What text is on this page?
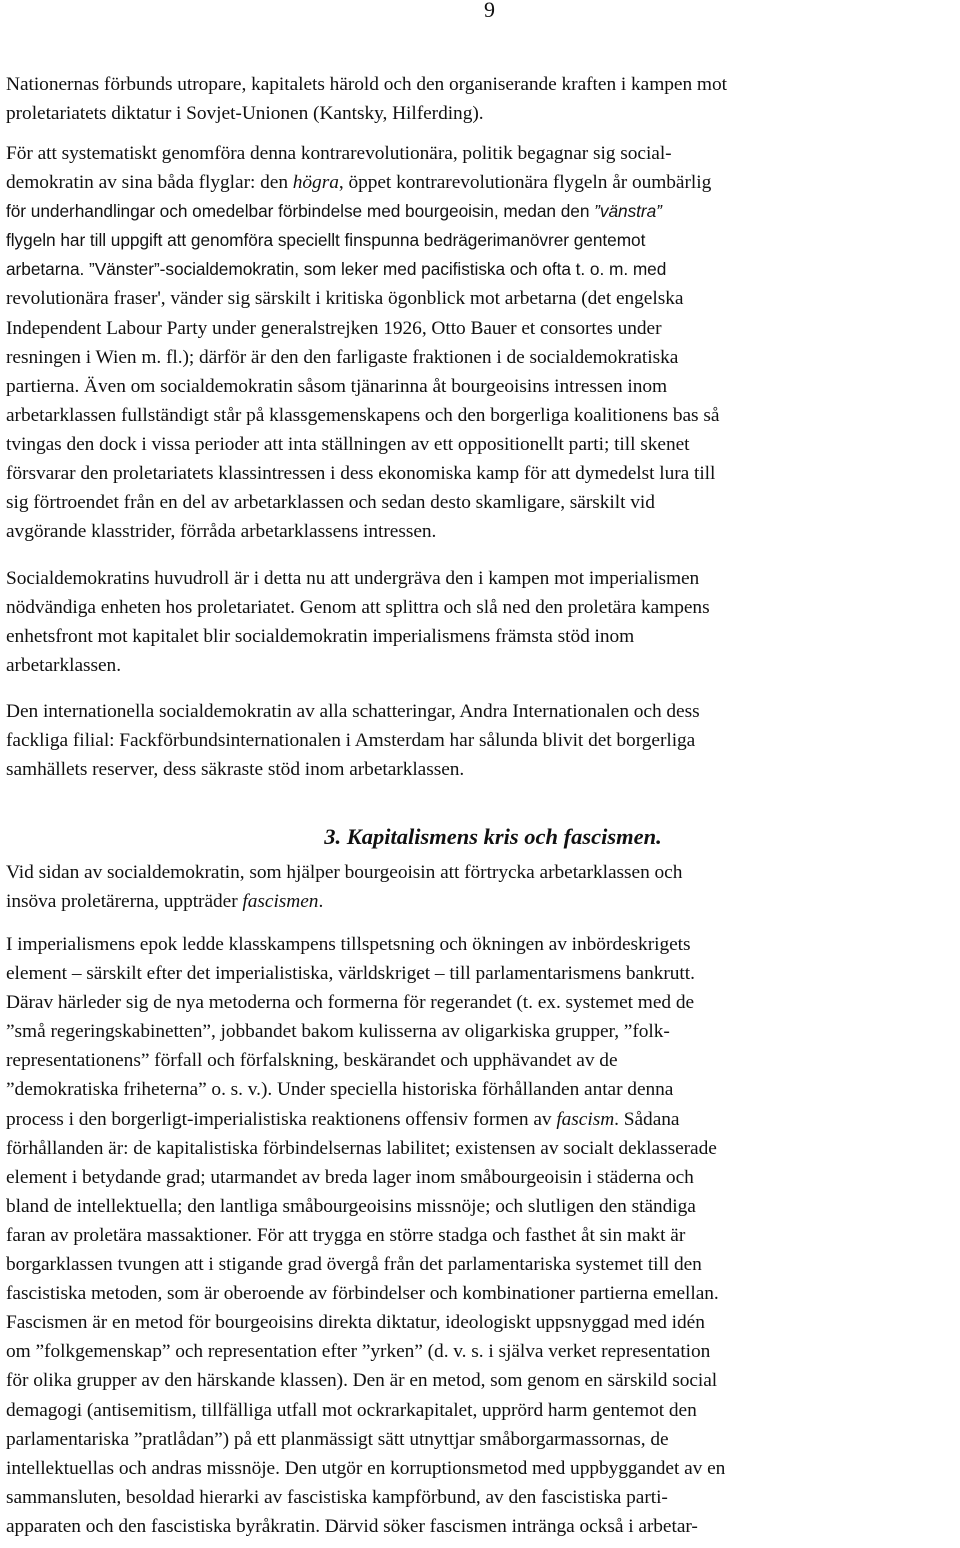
9

Nationernas förbunds utropare, kapitalets härold och den organiserande kraften i kampen mot
proletariatets diktatur i Sovjet-Unionen (Kantsky, Hilferding).

För att systematiskt genomföra denna kontrarevolutionära, politik begagnar sig social-
demokratin av sina båda flyglar: den högra, öppet kontrarevolutionära flygeln år oumbärlig
för underhandlingar och omedelbar förbindelse med bourgeoisin, medan den ”vänstra”
flygeln har till uppgift att genomföra speciellt finspunna bedrägerimanövrer gentemot
arbetarna. ”Vänster”-socialdemokratin, som leker med pacifistiska och ofta t. o. m. med
revolutionära fraser', vänder sig särskilt i kritiska ögonblick mot arbetarna (det engelska
Independent Labour Party under generalstrejken 1926, Otto Bauer et consortes under
resningen i Wien m. fl.); därför är den den farligaste fraktionen i de socialdemokratiska
partierna. Även om socialdemokratin såsom tjänarinna åt bourgeoisins intressen inom
arbetarklassen fullständigt står på klassgemenskapens och den borgerliga koalitionens bas så
tvingas den dock i vissa perioder att inta ställningen av ett oppositionellt parti; till skenet
försvarar den proletariatets klassintressen i dess ekonomiska kamp för att dymedelst lura till
sig förtroendet från en del av arbetarklassen och sedan desto skamligare, särskilt vid
avgörande klasstrider, förråda arbetarklassens intressen.

Socialdemokratins huvudroll är i detta nu att undergräva den i kampen mot imperialismen
nödvändiga enheten hos proletariatet. Genom att splittra och slå ned den proletära kampens
enhetsfront mot kapitalet blir socialdemokratin imperialismens främsta stöd inom
arbetarklassen.

Den internationella socialdemokratin av alla schatteringar, Andra Internationalen och dess
fackliga filial: Fackförbundsinternationalen i Amsterdam har sålunda blivit det borgerliga
samhällets reserver, dess säkraste stöd inom arbetarklassen.

3. Kapitalismens kris och fascismen.

Vid sidan av socialdemokratin, som hjälper bourgeoisin att förtrycka arbetarklassen och
insöva proletärerna, uppträder fascismen.

I imperialismens epok ledde klasskampens tillspetsning och ökningen av inbördeskrigets
element – särskilt efter det imperialistiska, världskriget – till parlamentarismens bankrutt.
Därav härleder sig de nya metoderna och formerna för regerandet (t. ex. systemet med de
”små regeringskabinetten”, jobbandet bakom kulisserna av oligarkiska grupper, ”folk-
representationens” förfall och förfalskning, beskärandet och upphävandet av de
”demokratiska friheterna” o. s. v.). Under speciella historiska förhållanden antar denna
process i den borgerligt-imperialistiska reaktionens offensiv formen av fascism. Sådana
förhållanden är: de kapitalistiska förbindelsernas labilitet; existensen av socialt deklasserade
element i betydande grad; utarmandet av breda lager inom småbourgeoisin i städerna och
bland de intellektuella; den lantliga småbourgeoisins missnöje; och slutligen den ständiga
faran av proletära massaktioner. För att trygga en större stadga och fasthet åt sin makt är
borgarklassen tvungen att i stigande grad övergå från det parlamentariska systemet till den
fascistiska metoden, som är oberoende av förbindelser och kombinationer partierna emellan.
Fascismen är en metod för bourgeoisins direkta diktatur, ideologiskt uppsnyggad med idén
om ”folkgemenskap” och representation efter ”yrken” (d. v. s. i själva verket representation
för olika grupper av den härskande klassen). Den är en metod, som genom en särskild social
demagogi (antisemitism, tillfälliga utfall mot ockrarkapitalet, upprörd harm gentemot den
parlamentariska ”pratlådan”) på ett planmässigt sätt utnyttjar småborgarmassornas, de
intellektuellas och andras missnöje. Den utgör en korruptionsmetod med uppbyggandet av en
sammansluten, besoldad hierarki av fascistiska kampförbund, av den fascistiska parti-
apparaten och den fascistiska byråkratin. Därvid söker fascismen intränga också i arbetar-
